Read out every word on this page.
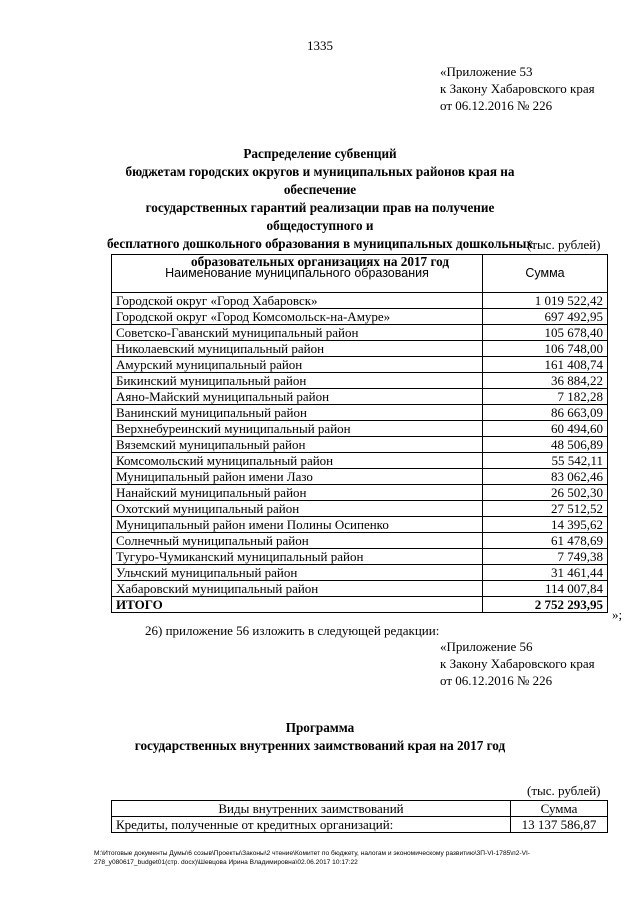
1335
«Приложение 53
к Закону Хабаровского края
от 06.12.2016 № 226
Распределение субвенций
бюджетам городских округов и муниципальных районов края на обеспечение
государственных гарантий реализации прав на получение общедоступного и
бесплатного дошкольного образования в муниципальных дошкольных
образовательных организациях на 2017 год
(тыс. рублей)
Наименование муниципального образования	Сумма
Городской округ «Город Хабаровск»	1 019 522,42
Городской округ «Город Комсомольск-на-Амуре»	697 492,95
Советско-Гаванский муниципальный район	105 678,40
Николаевский муниципальный район	106 748,00
Амурский муниципальный район	161 408,74
Бикинский муниципальный район	36 884,22
Аяно-Майский муниципальный район	7 182,28
Ванинский муниципальный район	86 663,09
Верхнебуреинский муниципальный район	60 494,60
Вяземский муниципальный район	48 506,89
Комсомольский муниципальный район	55 542,11
Муниципальный район имени Лазо	83 062,46
Нанайский муниципальный район	26 502,30
Охотский муниципальный район	27 512,52
Муниципальный район имени Полины Осипенко	14 395,62
Солнечный муниципальный район	61 478,69
Тугуро-Чумиканский муниципальный район	7 749,38
Ульчский муниципальный район	31 461,44
Хабаровский муниципальный район	114 007,84
ИТОГО	2 752 293,95
»;
26) приложение 56 изложить в следующей редакции:
«Приложение 56
к Закону Хабаровского края
от 06.12.2016 № 226
Программа
государственных внутренних заимствований края на 2017 год
(тыс. рублей)
Виды внутренних заимствований	Сумма
Кредиты, полученные от кредитных организаций:	13 137 586,87
М:\Итоговые документы Думы\6 созыв\Проекты\Законы\2 чтение\Комитет по бюджету, налогам и экономическому развитию\3П-VI-1785\п2-VI-
278_у080617_budget01(стр. docx)\Шевцова Ирина Владимировна\02.06.2017 10:17:22
